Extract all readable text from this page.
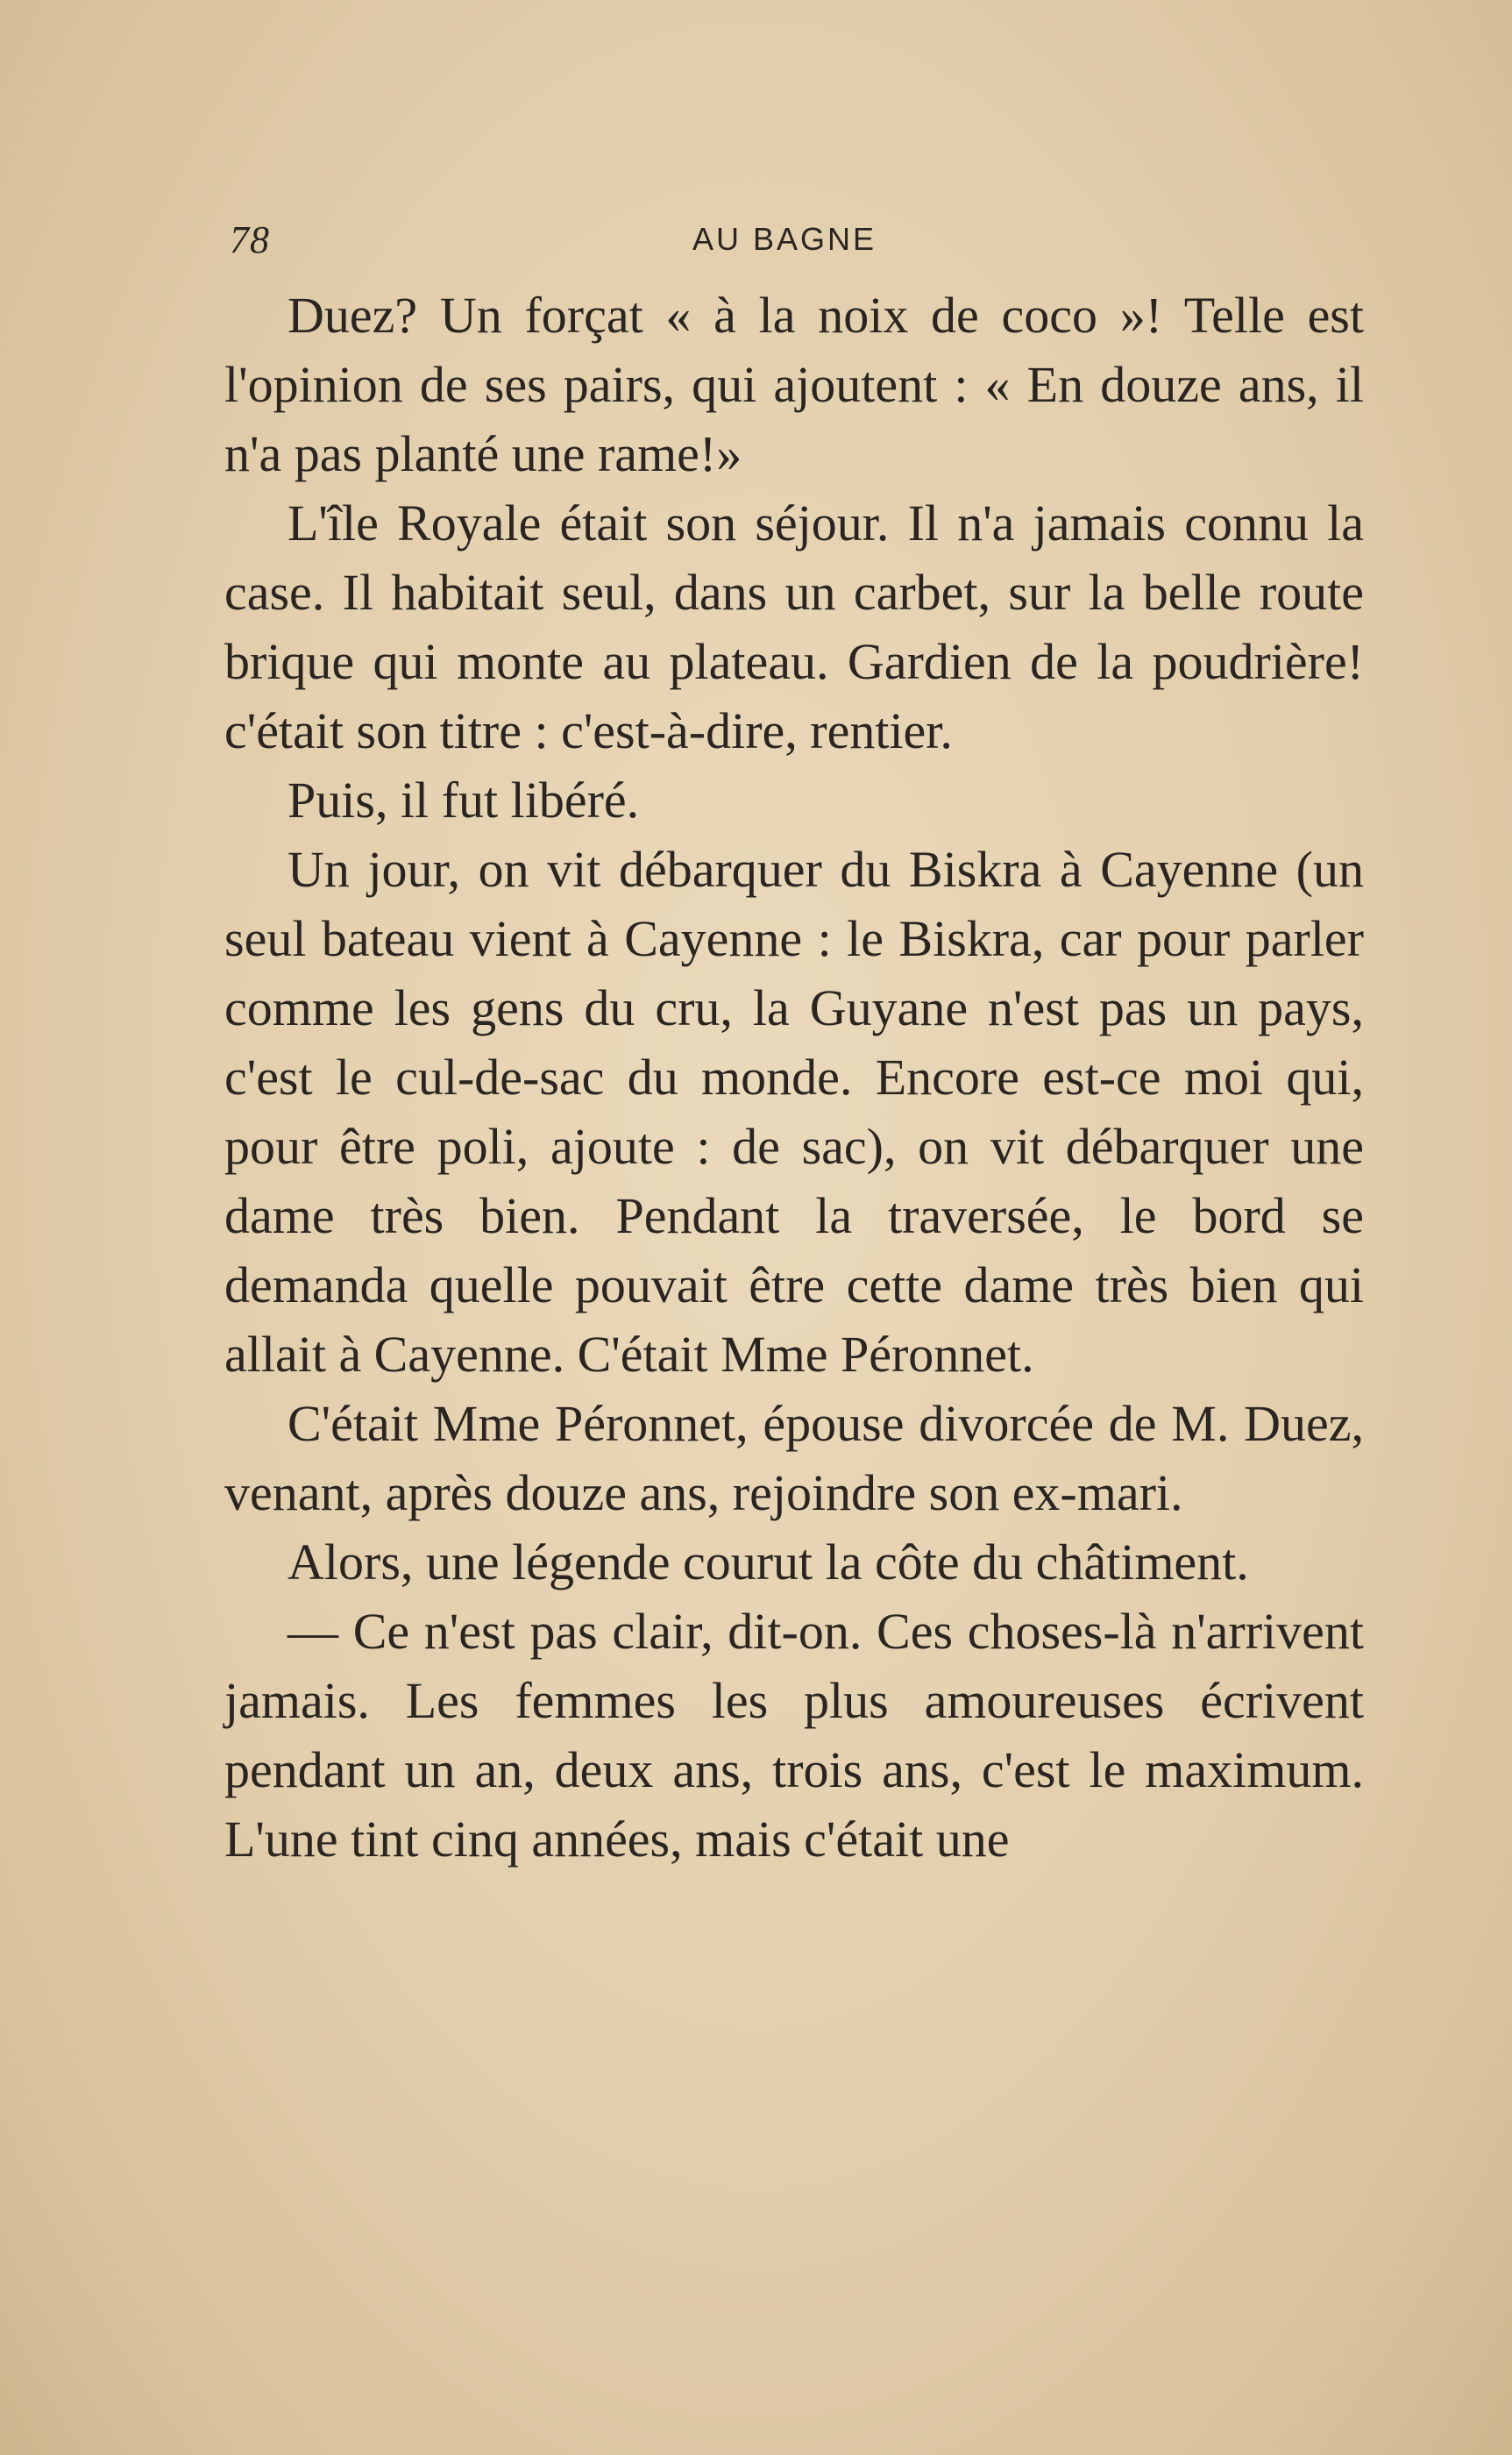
78	AU BAGNE

Duez? Un forçat « à la noix de coco »! Telle est l'opinion de ses pairs, qui ajoutent : « En douze ans, il n'a pas planté une rame!»

L'île Royale était son séjour. Il n'a jamais connu la case. Il habitait seul, dans un carbet, sur la belle route brique qui monte au plateau. Gardien de la poudrière! c'était son titre : c'est-à-dire, rentier.

Puis, il fut libéré.

Un jour, on vit débarquer du Biskra à Cayenne (un seul bateau vient à Cayenne : le Biskra, car pour parler comme les gens du cru, la Guyane n'est pas un pays, c'est le cul-de-sac du monde. Encore est-ce moi qui, pour être poli, ajoute : de sac), on vit débarquer une dame très bien. Pendant la traversée, le bord se demanda quelle pouvait être cette dame très bien qui allait à Cayenne. C'était Mme Péronnet.

C'était Mme Péronnet, épouse divorcée de M. Duez, venant, après douze ans, rejoindre son ex-mari.

Alors, une légende courut la côte du châtiment.

— Ce n'est pas clair, dit-on. Ces choses-là n'arrivent jamais. Les femmes les plus amoureuses écrivent pendant un an, deux ans, trois ans, c'est le maximum. L'une tint cinq années, mais c'était une
